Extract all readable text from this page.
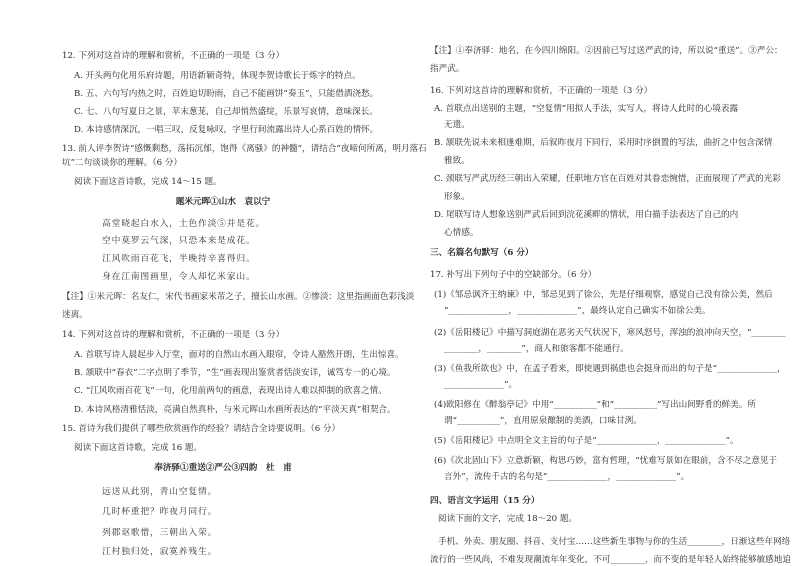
12. 下列对这首诗的理解和赏析，不正确的一项是（3 分）
A. 开头两句化用乐府诗题，用语新颖奇特，体现李贺诗歌长于炼字的特点。
B. 五、六句写内热之时，百姓迫切盼雨，自己不能画饼“奏玉”，只能借酒浇愁。
C. 七、八句写夏日之景，苹末葱茏，自己却悄然盛绽，乐景写哀情，意味深长。
D. 本诗感情深沉，一唱三叹，反复咏叹，字里行间流露出诗人心系百姓的情怀。
13. 前人评李贺诗“感慨剩愁，荡拓沉郁，饱得《离骚》的神髓”，请结合“夜啼何所离，明月落石
坑”二句谈谈你的理解。（6 分）
阅读下面这首诗歌，完成 14～15 题。
题米元晖①山水　袁以宁
高堂晓起白水入，土色作淡⑤并是花。
空中莫罗云气深，只恐本来是成花。
江风吹雨百花飞，半晚持辛喜得归。
身在江南图画里，令人却忆米家山。
【注】①米元晖：名友仁，宋代书画家米芾之子，擅长山水画。②惨淡：这里指画面色彩浅淡
迷离。
14. 下列对这首诗的理解和赏析，不正确的一项是（3 分）
A. 首联写诗人晨起步入厅堂，面对的自然山水画入眼帘，令诗人豁然开朗，生出惊喜。
B. 颔联中“春衣”二字点明了季节，“生”画表现出鉴赏者恬淡安详，诚笃专一的心境。
C. “江风吹雨百花飞”一句，化用前两句的画意，表现出诗人难以抑制的欣喜之情。
D. 本诗风格清雅恬淡，亮满自然真朴，与米元晖山水画所表达的“平淡天真”相契合。
15. 首诗为我们提供了哪些欣赏画作的经验？请结合全诗要说明。（6 分）
阅读下面这首诗歌，完成 16 题。
奉济驿①重送②严公③四韵　杜　甫
远送从此别，青山空复情。
几时杯重把？昨夜月同行。
列郡讴歌惜，三朝出入荣。
江村独归处，寂寞养残生。
【注】①奉济驿：地名，在今四川绵阳。②因前已写过送严武的诗，所以说“重送”。③严公：
指严武。
16. 下列对这首诗的理解和赏析，不正确的一项是（3 分）
A. 首联点出送别的主题，“空复情”用拟人手法，实写人，将诗人此时的心境表露
无遗。
B. 颔联先说未来相逢难期，后叙昨夜月下同行，采用时序倒置的写法，曲折之中包含深情
雅致。
C. 颈联写严武历经三朝出入荣耀，任职地方官在百姓对其眷恋惋惜，正面展现了严武的光彩
形象。
D. 尾联写诗人想象送别严武后回到浣花溪畔的情状，用白描手法表达了自己的内
心情感。
三、名篇名句默写（6 分）
17. 补写出下列句子中的空缺部分。（6 分）
(1)《邹忌讽齐王纳谏》中，邹忌见到了徐公，先是仔细观察，感觉自己没有徐公美，然后
“______________，______________”，最终认定自己确实不如徐公美。
(2)《岳阳楼记》中描写洞庭湖在恶劣天气状况下，寒风怒号，浑浊的浪冲向天空，“________
________，________”，商人和旅客都不能通行。
(3)《鱼我所欲也》中，在孟子看来，即使遇到祸患也会挺身而出的句子是“______________，
______________”。
(4)欧阳修在《醉翁亭记》中用“__________”和“__________”写出山间野肴的鲜美。所
谓“__________”，直用原泉酿制的美酒，口味甘洌。
(5)《岳阳楼记》中点明全文主旨的句子是“______________，______________”。
(6)《次北固山下》立意新颖，构思巧妙，富有哲理，“忧难写景如在眼前，含不尽之意见于
言外”，流传千古的名句是“______________，______________”。
四、语言文字运用（15 分）
阅读下面的文字，完成 18～20 题。
手机、外卖、朋友圈、抖音、支付宝……这些新生事物与你的生活________，日渐这些年网络
流行的一些风尚，不难发现潮流年年变化，不可________，而不变的是年轻人始终能够敏感地追
